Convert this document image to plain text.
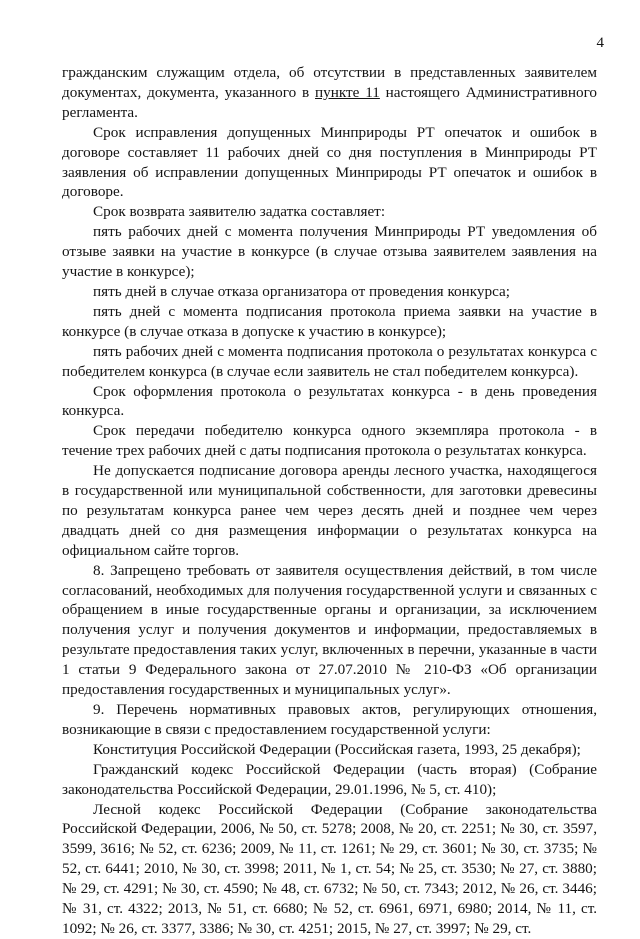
4

гражданским служащим отдела, об отсутствии в представленных заявителем документах, документа, указанного в пункте 11 настоящего Административного регламента.

Срок исправления допущенных Минприроды РТ опечаток и ошибок в договоре составляет 11 рабочих дней со дня поступления в Минприроды РТ заявления об исправлении допущенных Минприроды РТ опечаток и ошибок в договоре.

Срок возврата заявителю задатка составляет:

пять рабочих дней с момента получения Минприроды РТ уведомления об отзыве заявки на участие в конкурсе (в случае отзыва заявителем заявления на участие в конкурсе);

пять дней в случае отказа организатора от проведения конкурса;

пять дней с момента подписания протокола приема заявки на участие в конкурсе (в случае отказа в допуске к участию в конкурсе);

пять рабочих дней с момента подписания протокола о результатах конкурса с победителем конкурса (в случае если заявитель не стал победителем конкурса).

Срок оформления протокола о результатах конкурса - в день проведения конкурса.

Срок передачи победителю конкурса одного экземпляра протокола - в течение трех рабочих дней с даты подписания протокола о результатах конкурса.

Не допускается подписание договора аренды лесного участка, находящегося в государственной или муниципальной собственности, для заготовки древесины по результатам конкурса ранее чем через десять дней и позднее чем через двадцать дней со дня размещения информации о результатах конкурса на официальном сайте торгов.

8. Запрещено требовать от заявителя осуществления действий, в том числе согласований, необходимых для получения государственной услуги и связанных с обращением в иные государственные органы и организации, за исключением получения услуг и получения документов и информации, предоставляемых в результате предоставления таких услуг, включенных в перечни, указанные в части 1 статьи 9 Федерального закона от 27.07.2010 № 210-ФЗ «Об организации предоставления государственных и муниципальных услуг».

9. Перечень нормативных правовых актов, регулирующих отношения, возникающие в связи с предоставлением государственной услуги:

Конституция Российской Федерации (Российская газета, 1993, 25 декабря);

Гражданский кодекс Российской Федерации (часть вторая) (Собрание законодательства Российской Федерации, 29.01.1996, № 5, ст. 410);

Лесной кодекс Российской Федерации (Собрание законодательства Российской Федерации, 2006, № 50, ст. 5278; 2008, № 20, ст. 2251; № 30, ст. 3597, 3599, 3616; № 52, ст. 6236; 2009, № 11, ст. 1261; № 29, ст. 3601; № 30, ст. 3735; № 52, ст. 6441; 2010, № 30, ст. 3998; 2011, № 1, ст. 54; № 25, ст. 3530; № 27, ст. 3880; № 29, ст. 4291; № 30, ст. 4590; № 48, ст. 6732; № 50, ст. 7343; 2012, № 26, ст. 3446; № 31, ст. 4322; 2013, № 51, ст. 6680; № 52, ст. 6961, 6971, 6980; 2014, № 11, ст. 1092; № 26, ст. 3377, 3386; № 30, ст. 4251; 2015, № 27, ст. 3997; № 29, ст.
